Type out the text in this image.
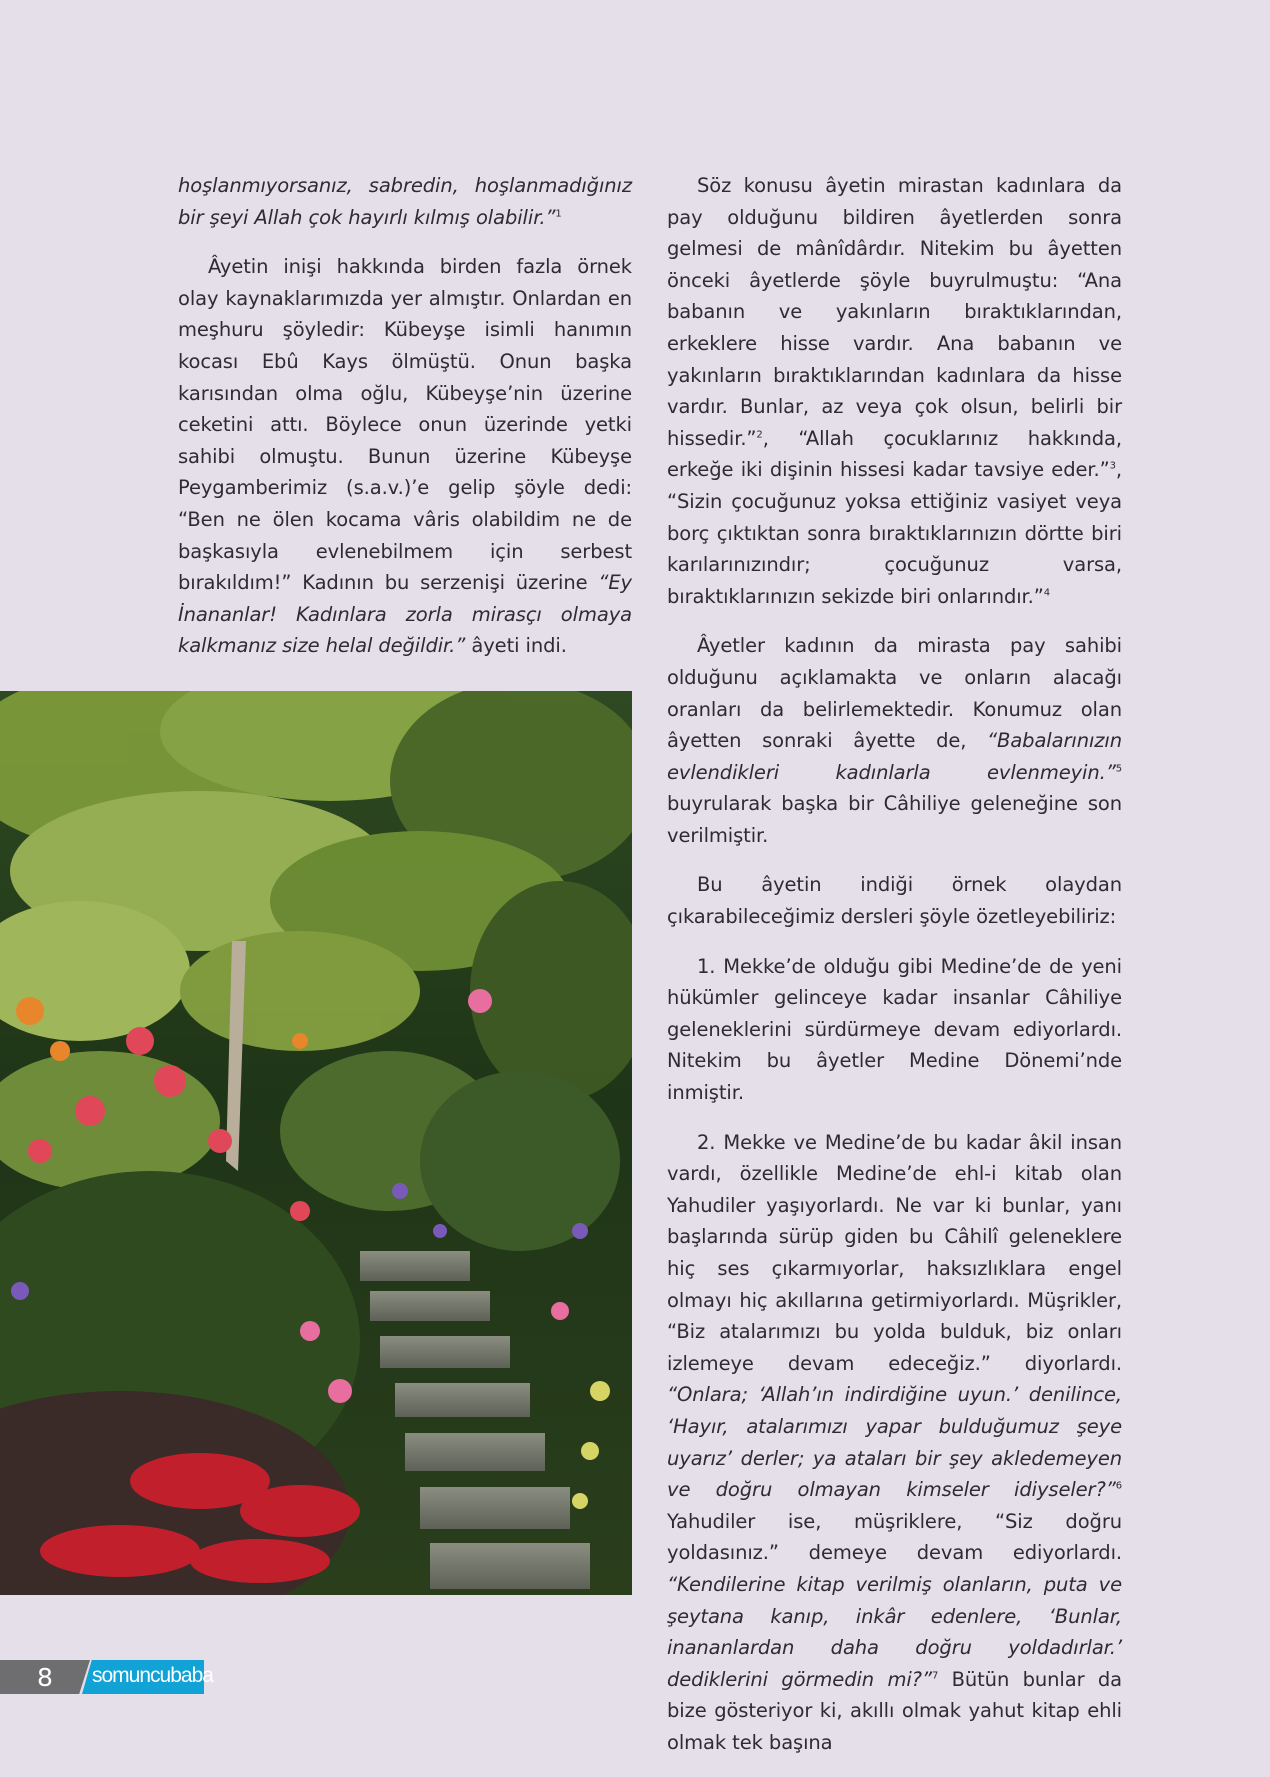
hoşlanmıyorsanız, sabredin, hoşlanmadığınız bir şeyi Allah çok hayırlı kılmış olabilir.”$^1$

Âyetin inişi hakkında birden fazla örnek olay kaynaklarımızda yer almıştır. Onlardan en meşhuru şöyledir: Kübeyşe isimli hanımın kocası Ebû Kays ölmüştü. Onun başka karısından olma oğlu, Kübeyşe’nin üzerine ceketini attı. Böylece onun üzerinde yetki sahibi olmuştu. Bunun üzerine Kübeyşe Peygamberimiz (s.a.v.)’e gelip şöyle dedi: “Ben ne ölen kocama vâris olabildim ne de başkasıyla evlenebilmem için serbest bırakıldım!” Kadının bu serzenişi üzerine “Ey İnananlar! Kadınlara zorla mirasçı olmaya kalkmanız size helal değildir.” âyeti indi.

Söz konusu âyetin mirastan kadınlara da pay olduğunu bildiren âyetlerden sonra gelmesi de mânîdârdır. Nitekim bu âyetten önceki âyetlerde şöyle buyrulmuştu: “Ana babanın ve yakınların bıraktıklarından, erkeklere hisse vardır. Ana babanın ve yakınların bıraktıklarından kadınlara da hisse vardır. Bunlar, az veya çok olsun, belirli bir hissedir.”$^2$, “Allah çocuklarınız hakkında, erkeğe iki dişinin hissesi kadar tavsiye eder.”$^3$, “Sizin çocuğunuz yoksa ettiğiniz vasiyet veya borç çıktıktan sonra bıraktıklarınızın dörtte biri karılarınızındır; çocuğunuz varsa, bıraktıklarınızın sekizde biri onlarındır.”$^4$

Âyetler kadının da mirasta pay sahibi olduğunu açıklamakta ve onların alacağı oranları da belirlemektedir. Konumuz olan âyetten sonraki âyette de, “Babalarınızın evlendikleri kadınlarla evlenmeyin.”$^5$ buyrularak başka bir Câhiliye geleneğine son verilmiştir.

Bu âyetin indiği örnek olaydan çıkarabileceğimiz dersleri şöyle özetleyebiliriz:

1. Mekke’de olduğu gibi Medine’de de yeni hükümler gelinceye kadar insanlar Câhiliye geleneklerini sürdürmeye devam ediyorlardı. Nitekim bu âyetler Medine Dönemi’nde inmiştir.

2. Mekke ve Medine’de bu kadar âkil insan vardı, özellikle Medine’de ehl-i kitab olan Yahudiler yaşıyorlardı. Ne var ki bunlar, yanı başlarında sürüp giden bu Câhilî geleneklere hiç ses çıkarmıyorlar, haksızlıklara engel olmayı hiç akıllarına getirmiyorlardı. Müşrikler, “Biz atalarımızı bu yolda bulduk, biz onları izlemeye devam edeceğiz.” diyorlardı. “Onlara; ‘Allah’ın indirdiğine uyun.’ denilince, ‘Hayır, atalarımızı yapar bulduğumuz şeye uyarız’ derler; ya ataları bir şey akledemeyen ve doğru olmayan kimseler idiyseler?”$^6$ Yahudiler ise, müşriklere, “Siz doğru yoldasınız.” demeye devam ediyorlardı. “Kendilerine kitap verilmiş olanların, puta ve şeytana kanıp, inkâr edenlere, ‘Bunlar, inananlardan daha doğru yoldadırlar.’ dediklerini görmedin mi?”$^7$ Bütün bunlar da bize gösteriyor ki, akıllı olmak yahut kitap ehli olmak tek başına

8 somuncubaba
